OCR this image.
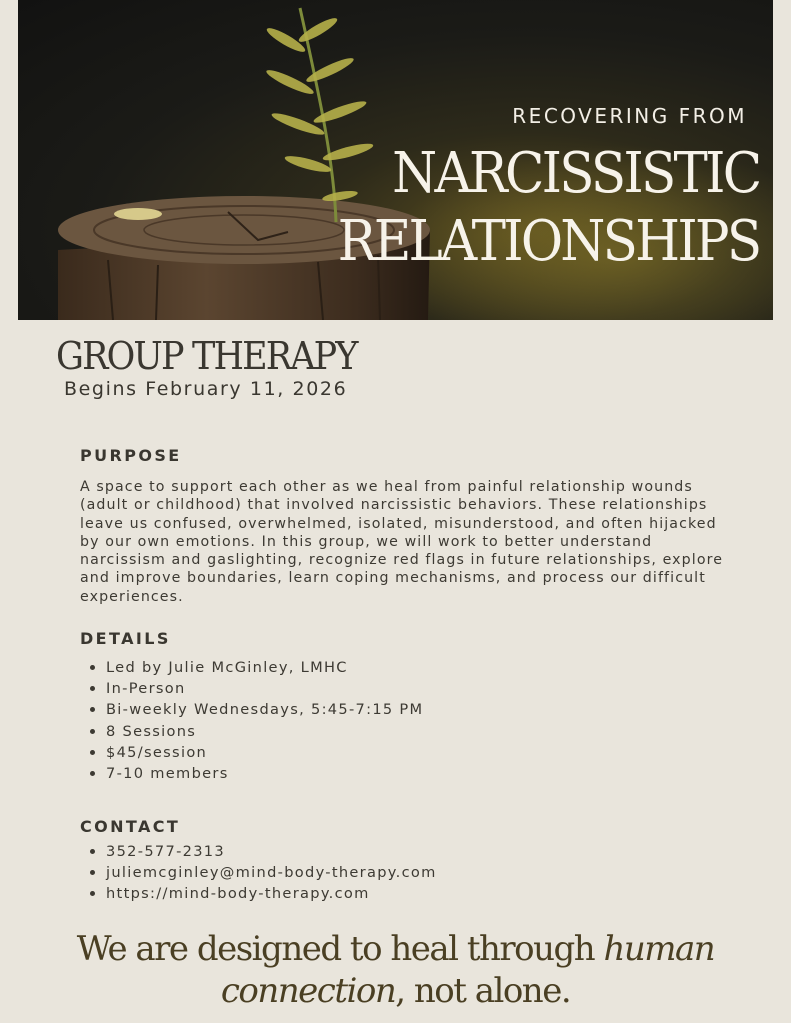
RECOVERING FROM
NARCISSISTIC
RELATIONSHIPS
GROUP THERAPY
Begins February 11, 2026
PURPOSE
A space to support each other as we heal from painful relationship wounds (adult or childhood) that involved narcissistic behaviors. These relationships leave us confused, overwhelmed, isolated, misunderstood, and often hijacked by our own emotions. In this group, we will work to better understand narcissism and gaslighting, recognize red flags in future relationships, explore and improve boundaries, learn coping mechanisms, and process our difficult experiences.
DETAILS
Led by Julie McGinley, LMHC
In-Person
Bi-weekly Wednesdays, 5:45-7:15 PM
8 Sessions
$45/session
7-10 members
CONTACT
352-577-2313
juliemcginley@mind-body-therapy.com
https://mind-body-therapy.com
We are designed to heal through human
connection, not alone.
